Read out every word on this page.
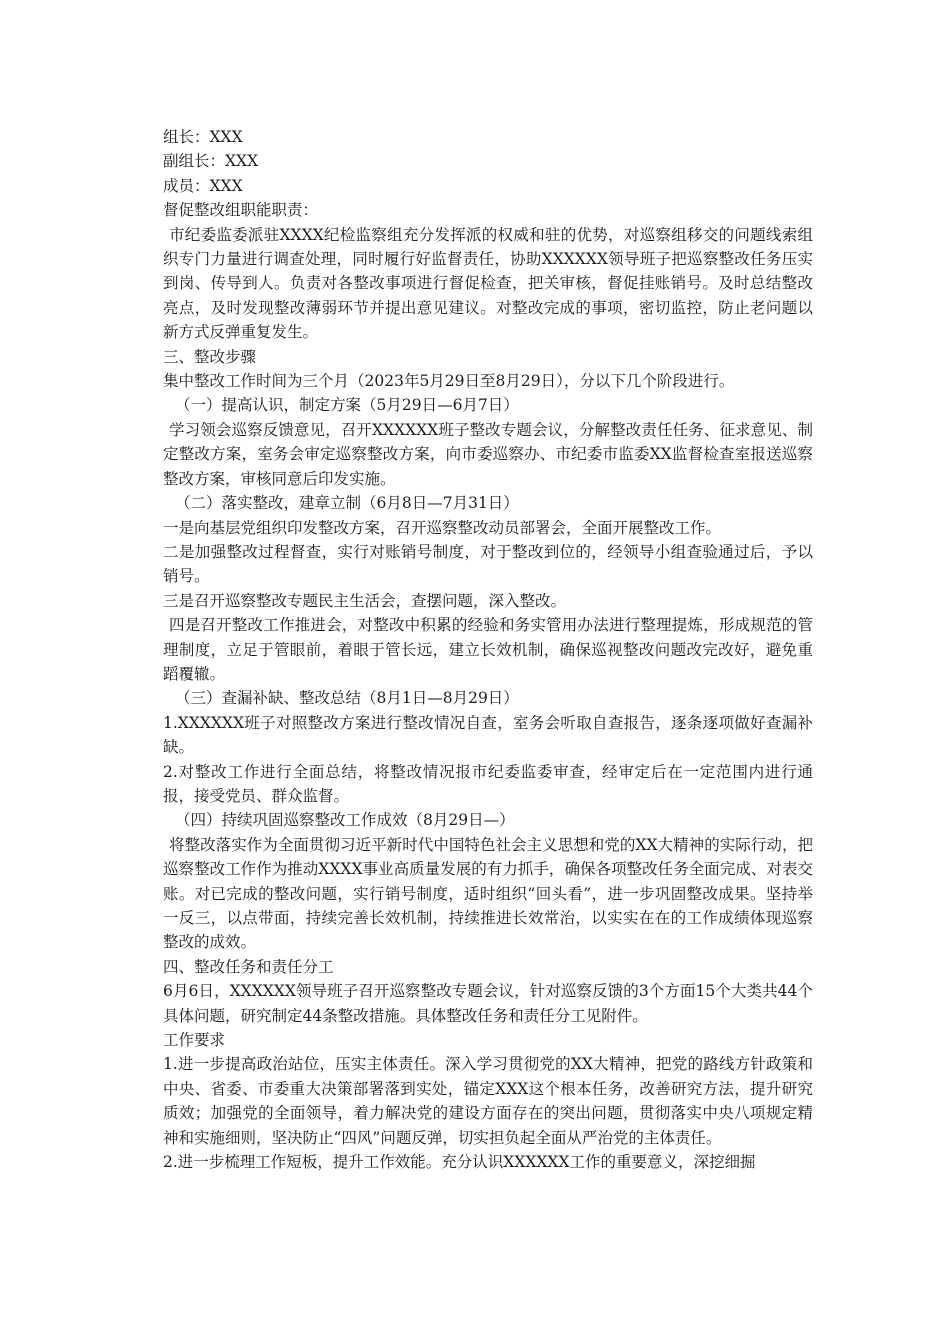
组长：XXX

副组长：XXX

成员：XXX

督促整改组职能职责：

市纪委监委派驻XXXX纪检监察组充分发挥派的权威和驻的优势，对巡察组移交的问题线索组织专门力量进行调查处理，同时履行好监督责任，协助XXXXXX领导班子把巡察整改任务压实到岗、传导到人。负责对各整改事项进行督促检查，把关审核，督促挂账销号。及时总结整改亮点，及时发现整改薄弱环节并提出意见建议。对整改完成的事项，密切监控，防止老问题以新方式反弹重复发生。

三、整改步骤

集中整改工作时间为三个月（2023年5月29日至8月29日），分以下几个阶段进行。

（一）提高认识，制定方案（5月29日—6月7日）

学习领会巡察反馈意见，召开XXXXXX班子整改专题会议，分解整改责任任务、征求意见、制定整改方案，室务会审定巡察整改方案，向市委巡察办、市纪委市监委XX监督检查室报送巡察整改方案，审核同意后印发实施。

（二）落实整改，建章立制（6月8日—7月31日）

一是向基层党组织印发整改方案，召开巡察整改动员部署会，全面开展整改工作。

二是加强整改过程督查，实行对账销号制度，对于整改到位的，经领导小组查验通过后，予以销号。

三是召开巡察整改专题民主生活会，查摆问题，深入整改。

四是召开整改工作推进会，对整改中积累的经验和务实管用办法进行整理提炼，形成规范的管理制度，立足于管眼前，着眼于管长远，建立长效机制，确保巡视整改问题改完改好，避免重蹈覆辙。

（三）查漏补缺、整改总结（8月1日—8月29日）

1.XXXXXX班子对照整改方案进行整改情况自查，室务会听取自查报告，逐条逐项做好查漏补缺。

2.对整改工作进行全面总结，将整改情况报市纪委监委审查，经审定后在一定范围内进行通报，接受党员、群众监督。

（四）持续巩固巡察整改工作成效（8月29日—）

将整改落实作为全面贯彻习近平新时代中国特色社会主义思想和党的XX大精神的实际行动，把巡察整改工作作为推动XXXX事业高质量发展的有力抓手，确保各项整改任务全面完成、对表交账。对已完成的整改问题，实行销号制度，适时组织“回头看”，进一步巩固整改成果。坚持举一反三，以点带面，持续完善长效机制，持续推进长效常治，以实实在在的工作成绩体现巡察整改的成效。

四、整改任务和责任分工

6月6日，XXXXXX领导班子召开巡察整改专题会议，针对巡察反馈的3个方面15个大类共44个具体问题，研究制定44条整改措施。具体整改任务和责任分工见附件。

工作要求

1.进一步提高政治站位，压实主体责任。深入学习贯彻党的XX大精神，把党的路线方针政策和中央、省委、市委重大决策部署落到实处，锚定XXX这个根本任务，改善研究方法，提升研究质效；加强党的全面领导，着力解决党的建设方面存在的突出问题，贯彻落实中央八项规定精神和实施细则，坚决防止“四风”问题反弹，切实担负起全面从严治党的主体责任。

2.进一步梳理工作短板，提升工作效能。充分认识XXXXXX工作的重要意义，深挖细掘
